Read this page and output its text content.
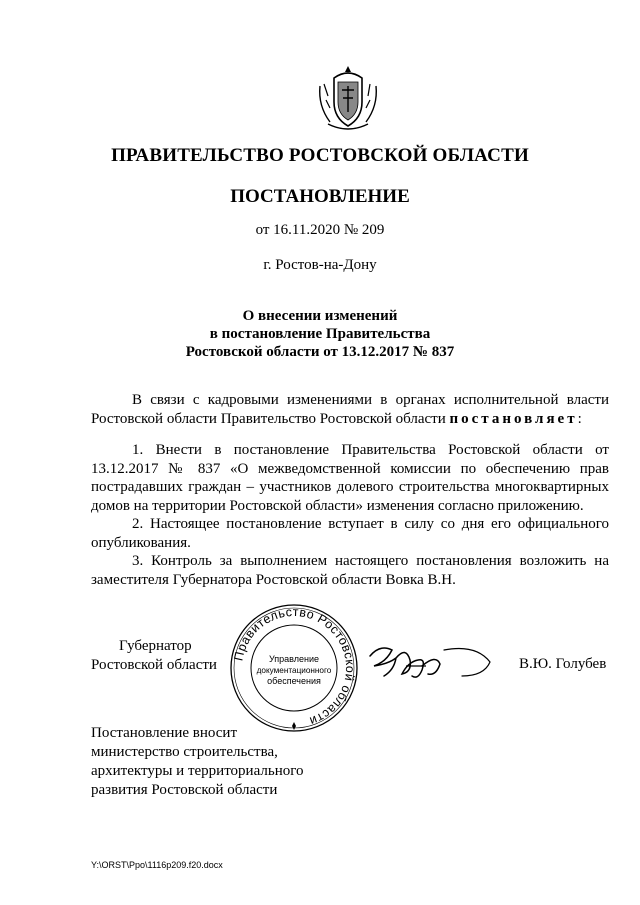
ПРАВИТЕЛЬСТВО РОСТОВСКОЙ ОБЛАСТИ
ПОСТАНОВЛЕНИЕ
от 16.11.2020 № 209
г. Ростов-на-Дону
О внесении изменений
в постановление Правительства
Ростовской области от 13.12.2017 № 837

В связи с кадровыми изменениями в органах исполнительной власти Ростовской области Правительство Ростовской области постановляет:

1. Внести в постановление Правительства Ростовской области от 13.12.2017 № 837 «О межведомственной комиссии по обеспечению прав пострадавших граждан – участников долевого строительства многоквартирных домов на территории Ростовской области» изменения согласно приложению.

2. Настоящее постановление вступает в силу со дня его официального опубликования.

3. Контроль за выполнением настоящего постановления возложить на заместителя Губернатора Ростовской области Вовка В.Н.

Губернатор
Ростовской области
Правительство Ростовской области
Управление
документационного
обеспечения
В.Ю. Голубев
Постановление вносит
министерство строительства,
архитектуры и территориального
развития Ростовской области
Y:\ORST\Ppo\1116p209.f20.docx
